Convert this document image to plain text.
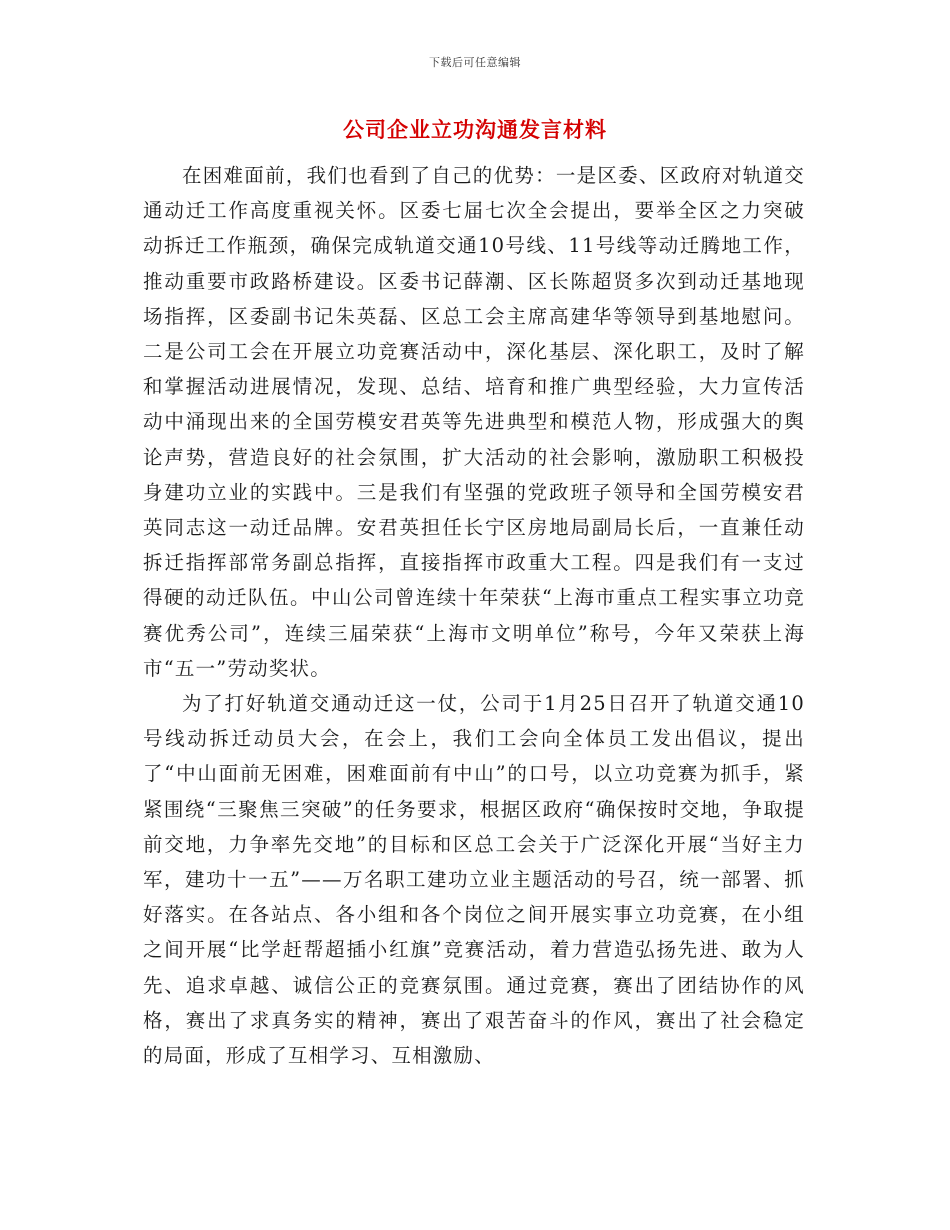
下载后可任意编辑
公司企业立功沟通发言材料

在困难面前，我们也看到了自己的优势：一是区委、区政府对轨道交通动迁工作高度重视关怀。区委七届七次全会提出，要举全区之力突破动拆迁工作瓶颈，确保完成轨道交通10号线、11号线等动迁腾地工作，推动重要市政路桥建设。区委书记薛潮、区长陈超贤多次到动迁基地现场指挥，区委副书记朱英磊、区总工会主席高建华等领导到基地慰问。二是公司工会在开展立功竞赛活动中，深化基层、深化职工，及时了解和掌握活动进展情况，发现、总结、培育和推广典型经验，大力宣传活动中涌现出来的全国劳模安君英等先进典型和模范人物，形成强大的舆论声势，营造良好的社会氛围，扩大活动的社会影响，激励职工积极投身建功立业的实践中。三是我们有坚强的党政班子领导和全国劳模安君英同志这一动迁品牌。安君英担任长宁区房地局副局长后，一直兼任动拆迁指挥部常务副总指挥，直接指挥市政重大工程。四是我们有一支过得硬的动迁队伍。中山公司曾连续十年荣获“上海市重点工程实事立功竞赛优秀公司”，连续三届荣获“上海市文明单位”称号，今年又荣获上海市“五一”劳动奖状。

为了打好轨道交通动迁这一仗，公司于1月25日召开了轨道交通10号线动拆迁动员大会，在会上，我们工会向全体员工发出倡议，提出了“中山面前无困难，困难面前有中山”的口号，以立功竞赛为抓手，紧紧围绕“三聚焦三突破”的任务要求，根据区政府“确保按时交地，争取提前交地，力争率先交地”的目标和区总工会关于广泛深化开展“当好主力军，建功十一五”——万名职工建功立业主题活动的号召，统一部署、抓好落实。在各站点、各小组和各个岗位之间开展实事立功竞赛，在小组之间开展“比学赶帮超插小红旗”竞赛活动，着力营造弘扬先进、敢为人先、追求卓越、诚信公正的竞赛氛围。通过竞赛，赛出了团结协作的风格，赛出了求真务实的精神，赛出了艰苦奋斗的作风，赛出了社会稳定的局面，形成了互相学习、互相激励、
